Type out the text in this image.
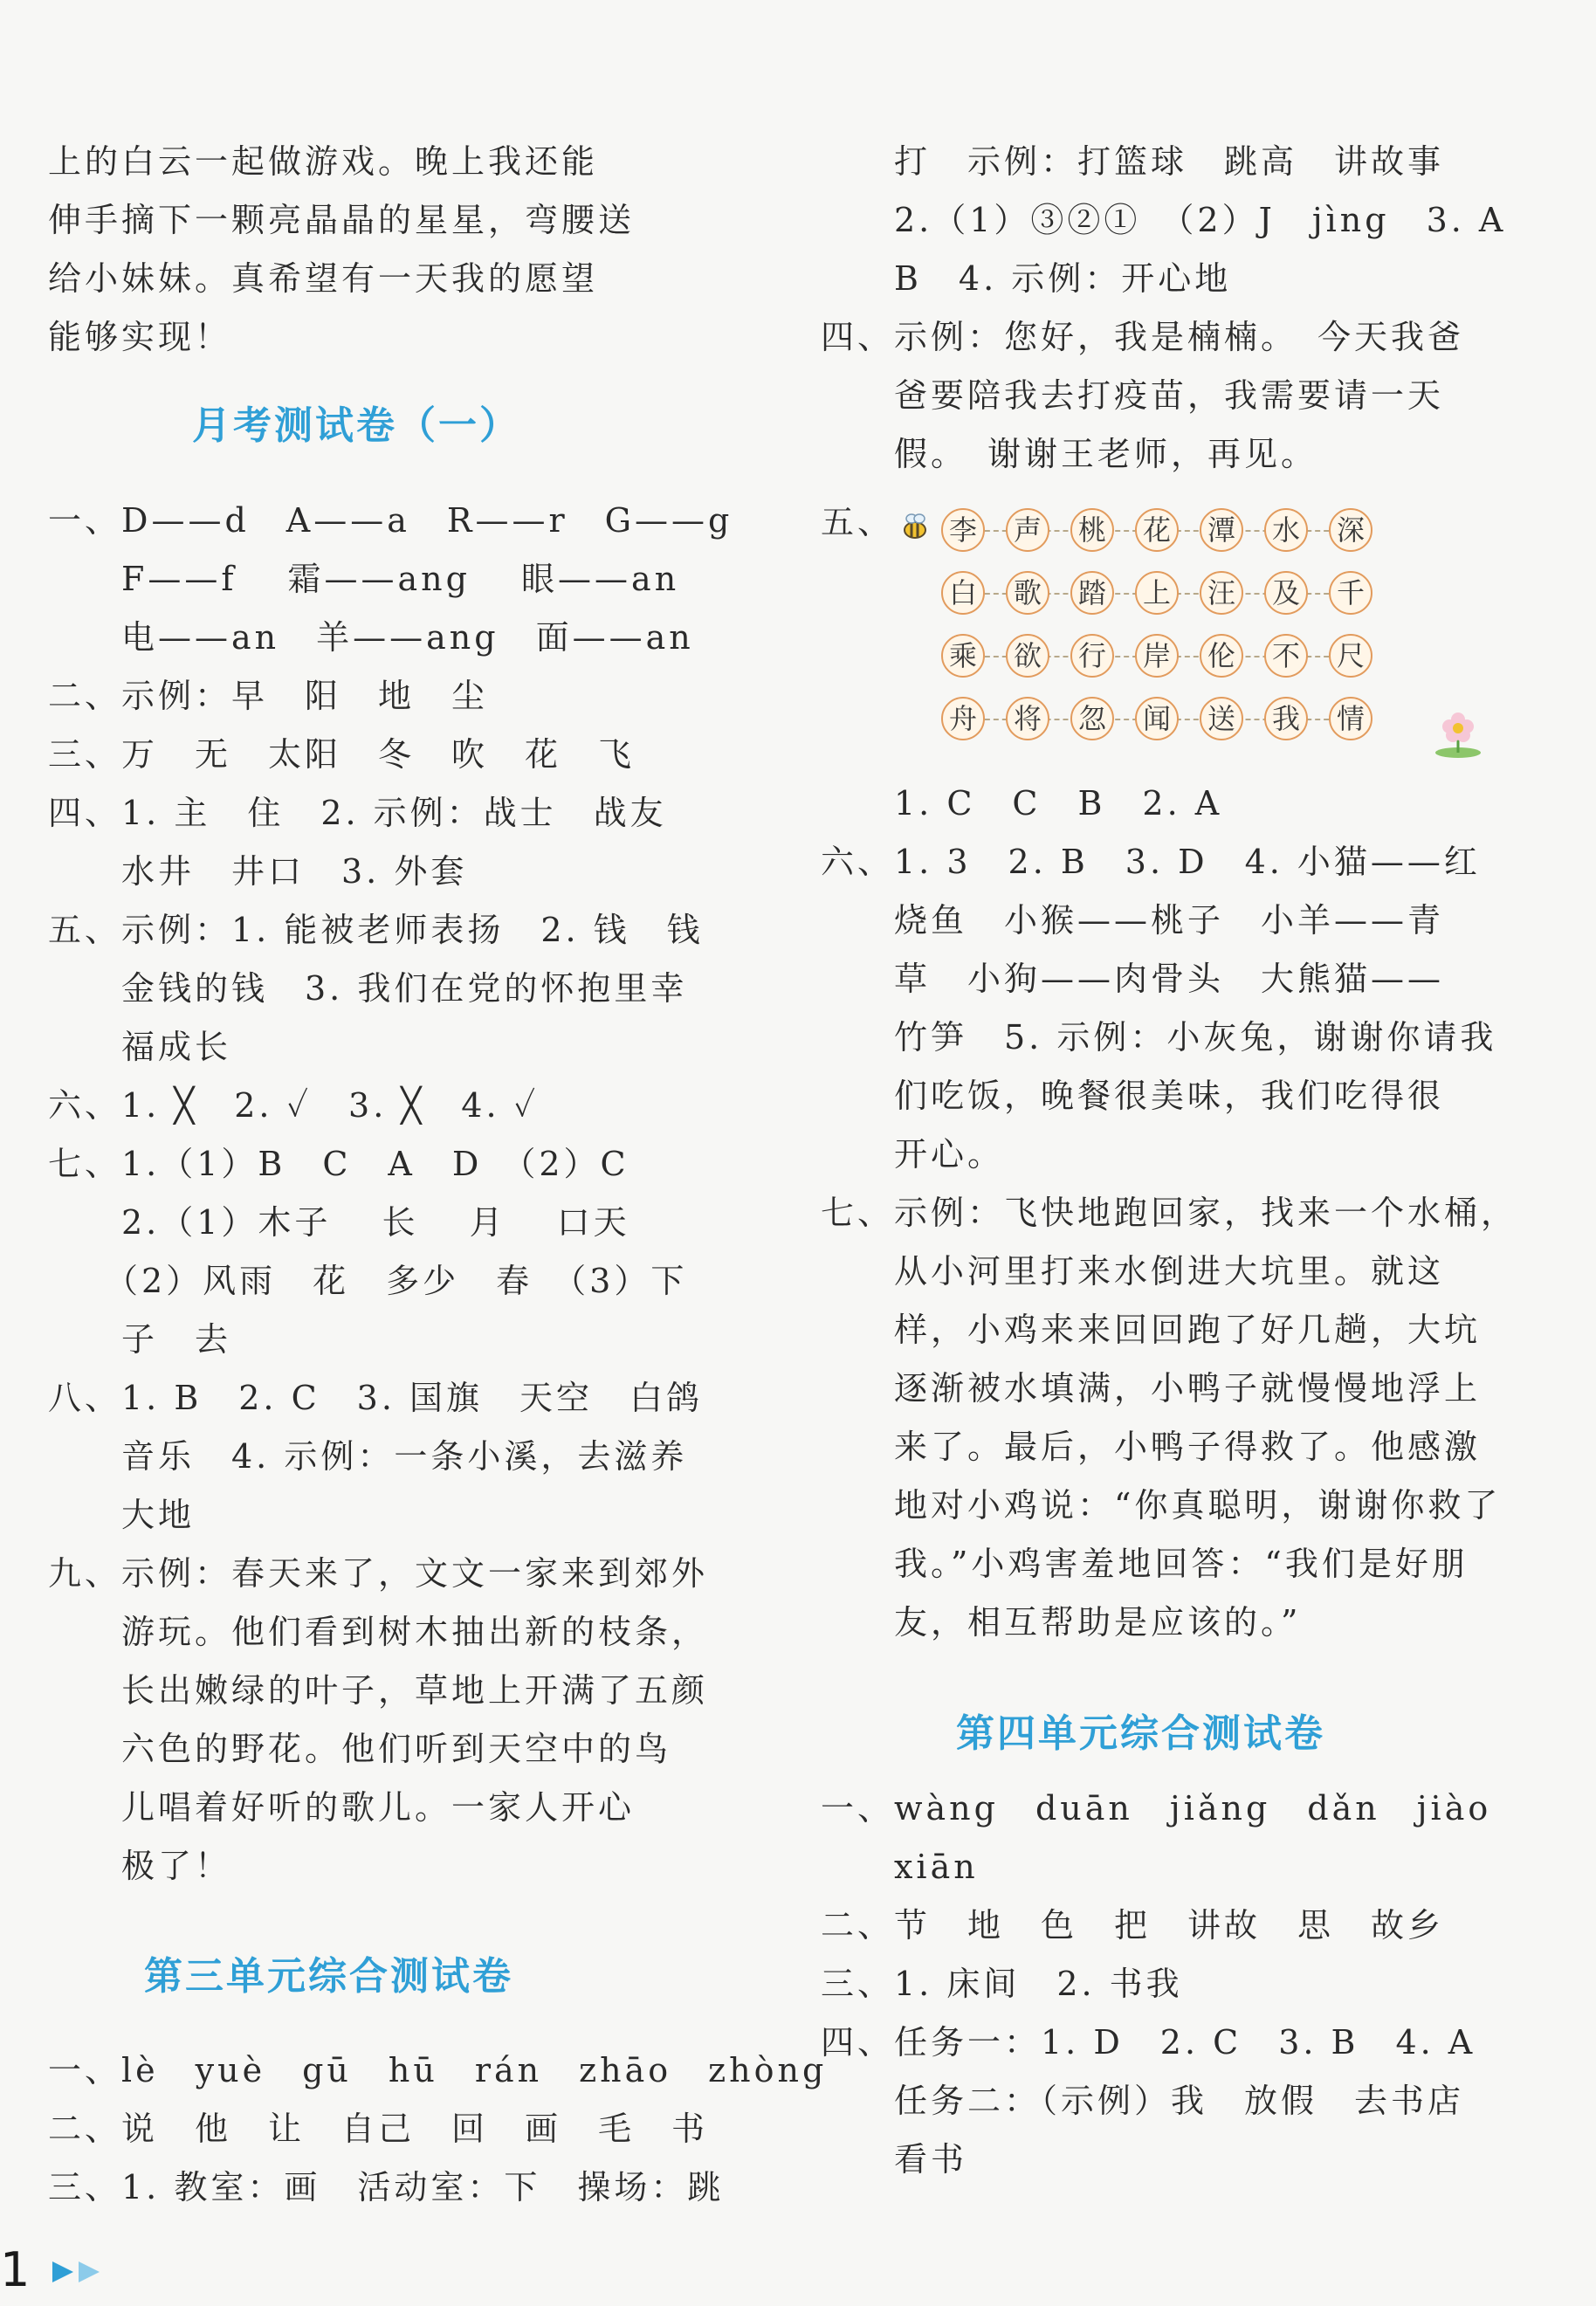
上的白云一起做游戏。晚上我还能
伸手摘下一颗亮晶晶的星星，弯腰送
给小妹妹。真希望有一天我的愿望
能够实现！
一、D——d　A——a　R——r　G——g
　　F——f　 霜——ang　 眼——an
　　电——an　羊——ang　面——an
二、示例：早　阳　地　尘
三、万　无　太阳　冬　吹　花　飞
四、1. 主　住　2. 示例：战士　战友
　　水井　井口　3. 外套
五、示例：1. 能被老师表扬　2. 钱　钱
　　金钱的钱　3. 我们在党的怀抱里幸
　　福成长
六、1. ╳　2. ✓　3. ╳　4. ✓
七、1.（1）B　C　A　D　（2）C
　　2.（1）木子　 长　 月　 口天
　　（2）风雨　花　多少　春　（3）下
　　子　去
八、1. B　2. C　3. 国旗　天空　白鸽
　　音乐　4. 示例：一条小溪，去滋养
　　大地
九、示例：春天来了，文文一家来到郊外
　　游玩。他们看到树木抽出新的枝条，
　　长出嫩绿的叶子，草地上开满了五颜
　　六色的野花。他们听到天空中的鸟
　　儿唱着好听的歌儿。一家人开心
　　极了！
一、lè　yuè　gū　hū　rán　zhāo　zhòng
二、说　他　让　自己　回　画　毛　书
三、1. 教室：画　活动室：下　操场：跳
月考测试卷（一）
第三单元综合测试卷
　　打　示例：打篮球　跳高　讲故事
　　2.（1）③②①　（2）J　jìng　3. A
　　B　4. 示例：开心地
四、示例：您好，我是楠楠。　今天我爸
　　爸要陪我去打疫苗，我需要请一天
　　假。　谢谢王老师，再见。
五、
　　1. C　C　B　2. A
六、1. 3　2. B　3. D　4. 小猫——红
　　烧鱼　小猴——桃子　小羊——青
　　草　小狗——肉骨头　大熊猫——
　　竹笋　5. 示例：小灰兔，谢谢你请我
　　们吃饭，晚餐很美味，我们吃得很
　　开心。
七、示例：飞快地跑回家，找来一个水桶，
　　从小河里打来水倒进大坑里。就这
　　样，小鸡来来回回跑了好几趟，大坑
　　逐渐被水填满，小鸭子就慢慢地浮上
　　来了。最后，小鸭子得救了。他感激
　　地对小鸡说：“你真聪明，谢谢你救了
　　我。”小鸡害羞地回答：“我们是好朋
　　友，相互帮助是应该的。”
一、wàng　duān　jiǎng　dǎn　jiào
　　xiān
二、节　地　色　把　讲故　思　故乡
三、1. 床间　2. 书我
四、任务一：1. D　2. C　3. B　4. A
　　任务二：（示例）我　放假　去书店
　　看书
第四单元综合测试卷
李 声 桃 花 潭 水 深
白 歌 踏 上 汪 及 千
乘 欲 行 岸 伦 不 尺
舟 将 忽 闻 送 我 情
1
